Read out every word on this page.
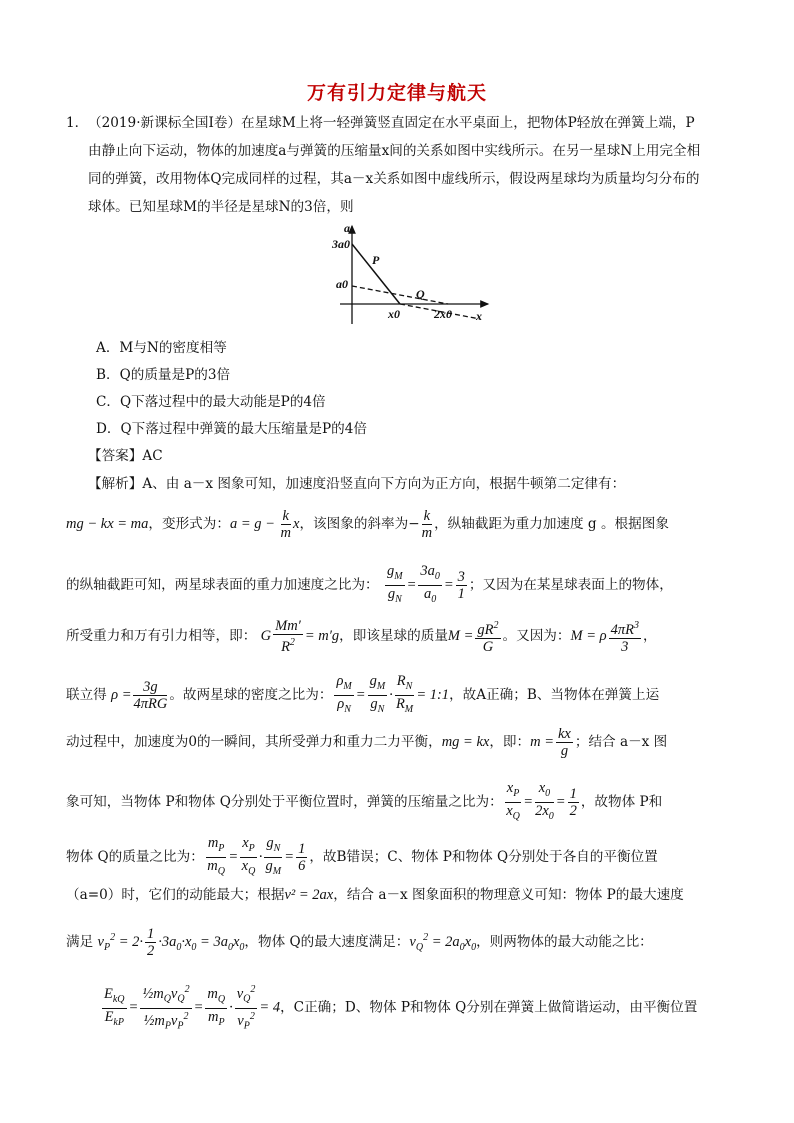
万有引力定律与航天
1． （2019·新课标全国Ⅰ卷）在星球M上将一轻弹簧竖直固定在水平桌面上，把物体P轻放在弹簧上端，P
由静止向下运动，物体的加速度a与弹簧的压缩量x间的关系如图中实线所示。在另一星球N上用完全相
同的弹簧，改用物体Q完成同样的过程，其a－x关系如图中虚线所示，假设两星球均为质量均匀分布的
球体。已知星球M的半径是星球N的3倍，则
a
3a0
a0
P
Q
x0	2x0 x
A．M与N的密度相等
B．Q的质量是P的3倍
C．Q下落过程中的最大动能是P的4倍
D．Q下落过程中弹簧的最大压缩量是P的4倍
【答案】AC
【解析】A、由 a－x 图象可知，加速度沿竖直向下方向为正方向，根据牛顿第二定律有：
mg − kx = ma，变形式为：$a = g - \frac{k}{m}$ x，该图象的斜率为− $\frac{k}{m}$ ，纵轴截距为重力加速度 g 。根据图象
的纵轴截距可知，两星球表面的重力加速度之比为： $\frac{g_M}{g_N} = \frac{3a_0}{a_0} = \frac{3}{1}$ ；又因为在某星球表面上的物体，
所受重力和万有引力相等，即： G $\frac{Mm'}{R^2} = m'g$，即该星球的质量$M = \frac{gR^2}{G}$ 。又因为：M = ρ $\frac{4\pi R^3}{3}$ ，
联立得 $\rho = \frac{3g}{\text{4πRG}}$ 。故两星球的密度之比为： $\frac{\rho_M}{\rho_N} = \frac{g_M}{g_N} \cdot \frac{R_N}{R_M}$ = 1:1，故A正确；B、当物体在弹簧上运
动过程中，加速度为0的一瞬间，其所受弹力和重力二力平衡，mg = kx，即：$m = \frac{kx}{g}$ ；结合 a－x 图
象可知，当物体 P和物体 Q分别处于平衡位置时，弹簧的压缩量之比为： $\frac{x_P}{x_Q} = \frac{x_0}{2x_0} = \frac{1}{2}$ ，故物体 P和
物体 Q的质量之比为： $\frac{m_P}{m_Q} = \frac{x_P}{x_Q} \cdot \frac{g_N}{g_M} = \frac{1}{6}$ ，故B错误；C、物体 P和物体 Q分别处于各自的平衡位置
（a=0）时，它们的动能最大；根据v² = 2ax，结合 a－x 图象面积的物理意义可知：物体 P的最大速度
满足 $v_P^2 = 2\cdot \frac{1}{2} \cdot 3a_0\cdot x_0 = 3a_0x_0$，物体 Q的最大速度满足：$v_Q^2 = 2a_0x_0$，则两物体的最大动能之比：
$\frac{E_{kQ}}{E_{kP}} = \frac{\frac{1}{2}m_Qv_Q^2}{\frac{1}{2}m_Pv_P^2} = \frac{m_Q}{m_P} \cdot \frac{v_Q^2}{v_P^2} = 4$，C正确；D、物体 P和物体 Q分别在弹簧上做简谐运动，由平衡位置
